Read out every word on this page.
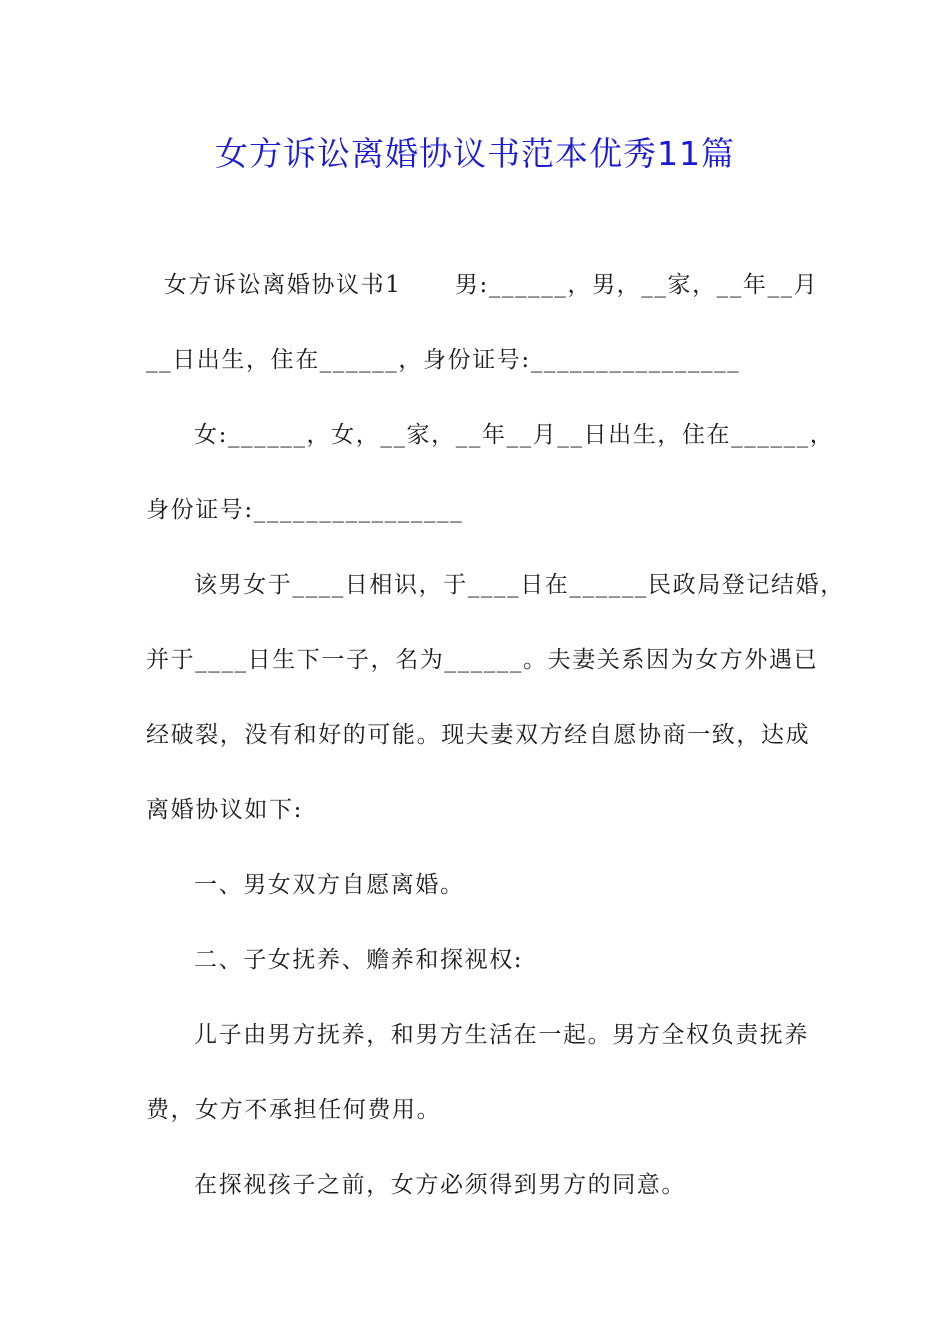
女方诉讼离婚协议书范本优秀11篇

女方诉讼离婚协议书1      男:______，男，__家，__年__月

__日出生，住在______，身份证号:________________

女:______，女，__家，__年__月__日出生，住在______，

身份证号:________________

该男女于____日相识，于____日在______民政局登记结婚，

并于____日生下一子，名为______。夫妻关系因为女方外遇已

经破裂，没有和好的可能。现夫妻双方经自愿协商一致，达成

离婚协议如下:

一、男女双方自愿离婚。

二、子女抚养、赡养和探视权:

儿子由男方抚养，和男方生活在一起。男方全权负责抚养

费，女方不承担任何费用。

在探视孩子之前，女方必须得到男方的同意。
